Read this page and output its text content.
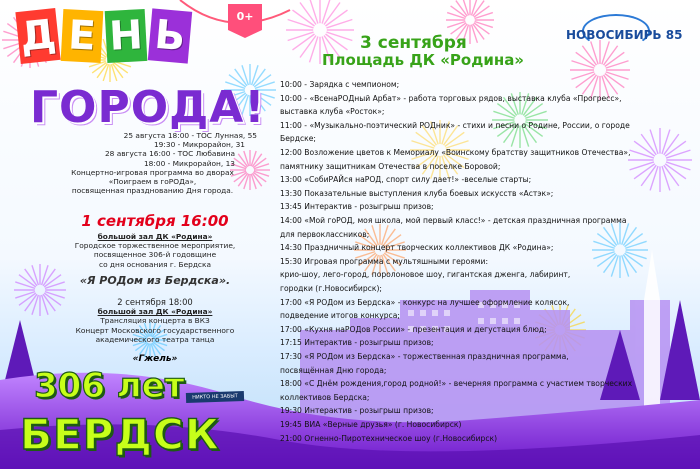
Д Е Н Ь	0+
ГОРОДА!
25 августа 18:00 - ТОС Лунная, 55
19:30 - Микрорайон, 31
28 августа 16:00 - ТОС Любавина
18:00 - Микрорайон, 13
Концертно-игровая программа во дворах
«Поиграем в гоРОДа»,
посвященная празднованию Дня города.
1 сентября 16:00
большой зал ДК «Родина»
Городское торжественное мероприятие,
посвященное 306-й годовщине
со дня основания г. Бердска
«Я РОДом из Бердска».
2 сентября 18:00
большой зал ДК «Родина»
Трансляция концерта в ВКЗ
Концерт Московского государственного
академического театра танца
«Гжель»
НИКТО НЕ ЗАБЫТ
306 лет
БЕРДСК
3 сентября
Площадь ДК «Родина»
НОВОСИБИРЬ 85
10:00 - Зарядка с чемпионом;
10:00 - «ВсенаРОДный Арбат» - работа торговых рядов, выставка клуба «Прогресс»,
выставка клуба «Росток»;
11:00 - «Музыкально-поэтический РОДник» - стихи и песни о Родине, России, о городе
Бердске;
12:00 Возложение цветов к Мемориалу «Воинскому братству защитников Отечества»,
памятнику защитникам Отечества в поселке Боровой;
13:00 «СобиРАЙся наРОД, спорт силу дает!» -веселые старты;
13:30 Показательные выступления клуба боевых искусств «Астэк»;
13:45 Интерактив - розыгрыш призов;
14:00 «Мой гоРОД, моя школа, мой первый класс!» - детская праздничная программа
для первоклассников;
14:30 Праздничный концерт творческих коллективов ДК «Родина»;
15:30 Игровая программа с мультяшными героями:
крио-шоу, лего-город, поролоновое шоу, гигантская дженга, лабиринт,
городки (г.Новосибирск);
17:00 «Я РОДом из Бердска» - конкурс на лучшее оформление колясок,
подведение итогов конкурса;
17:00 «Кухня наРОДов России» - презентация и дегустация блюд;
17:15 Интерактив - розыгрыш призов;
17:30 «Я РОДом из Бердска» - торжественная праздничная программа,
посвящённая Дню города;
18:00 «С Днём рождения,город родной!» - вечерняя программа с участием творческих
коллективов Бердска;
19:30 Интерактив - розыгрыш призов;
19:45 ВИА «Верные друзья» (г. Новосибирск)
21:00 Огненно-Пиротехническое шоу (г.Новосибирск)
